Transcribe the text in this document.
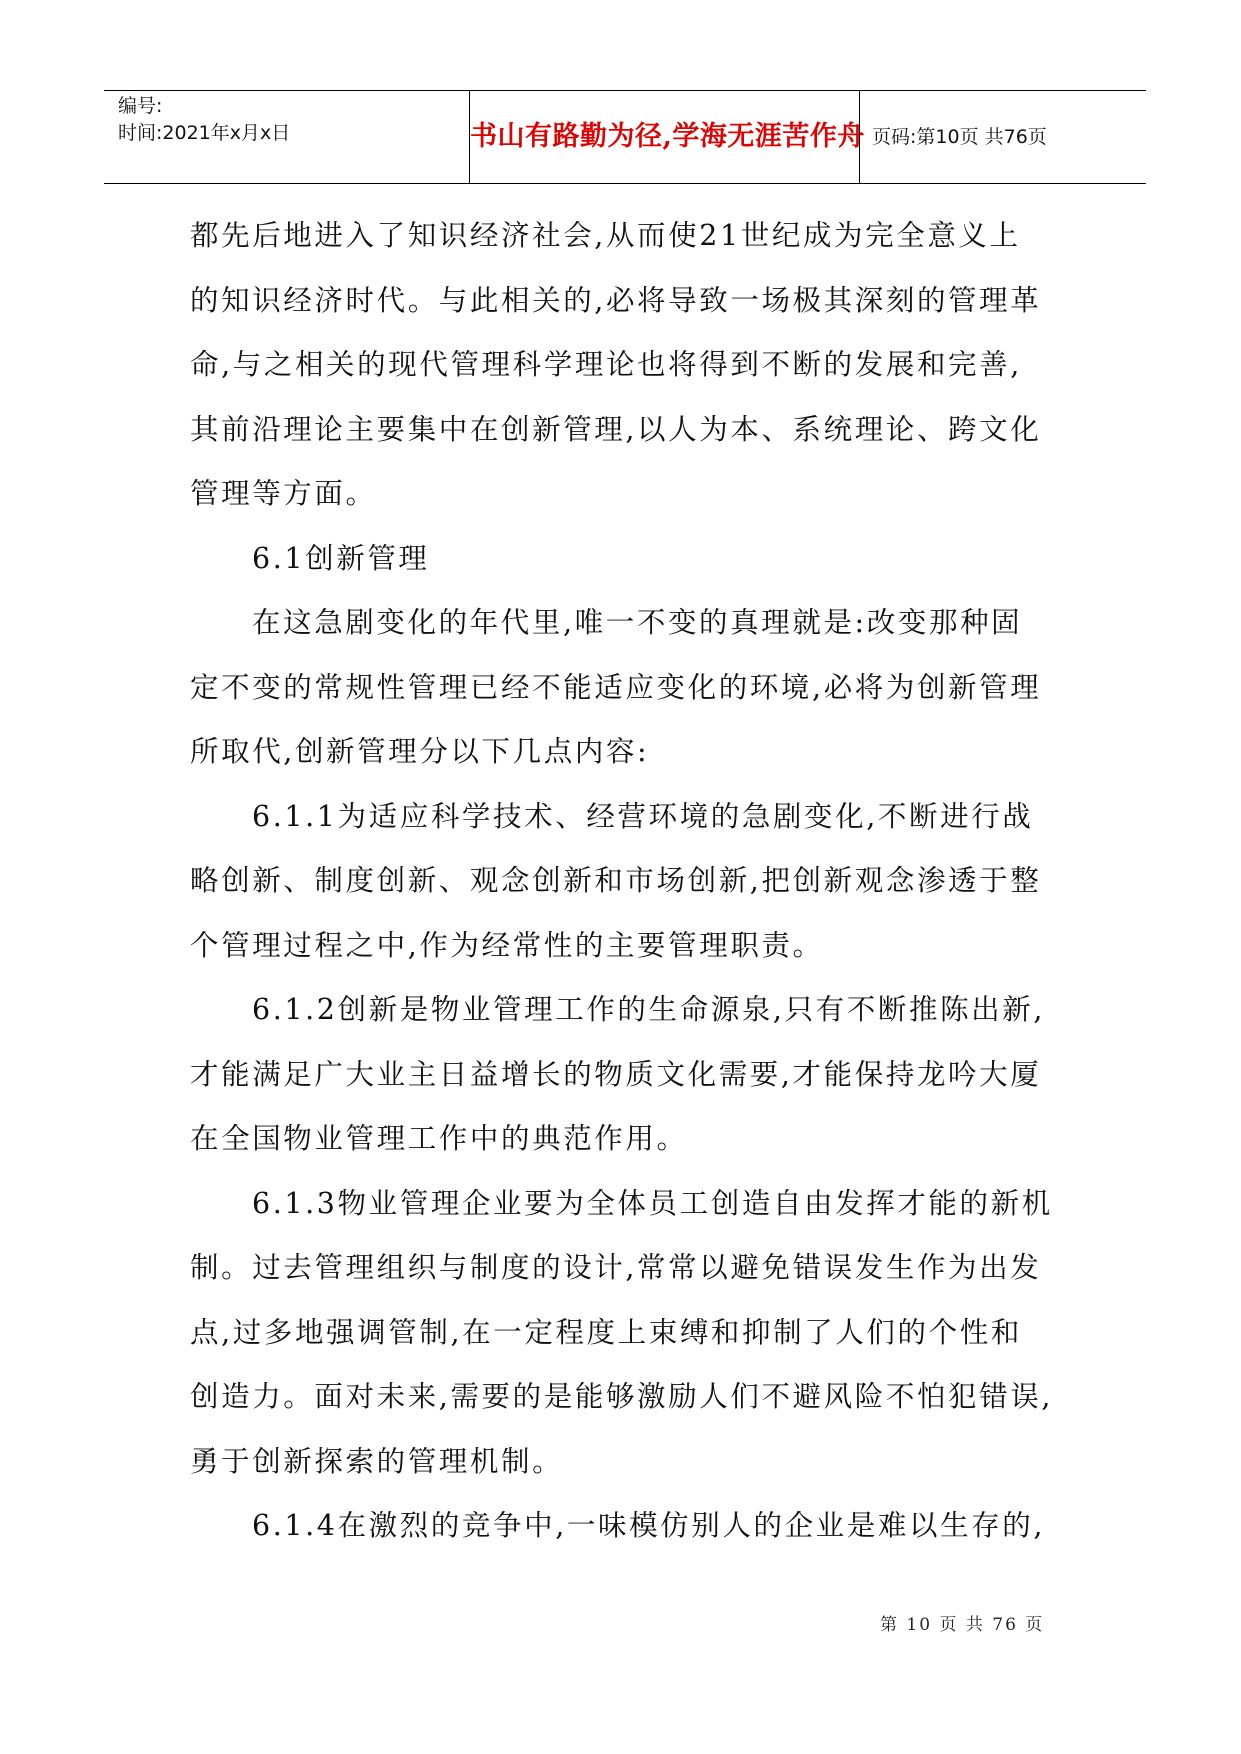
编号:
时间:2021年x月x日	书山有路勤为径,学海无涯苦作舟 页码:第10页 共76页
都先后地进入了知识经济社会,从而使21世纪成为完全意义上
的知识经济时代。与此相关的,必将导致一场极其深刻的管理革
命,与之相关的现代管理科学理论也将得到不断的发展和完善,
其前沿理论主要集中在创新管理,以人为本、系统理论、跨文化
管理等方面。
6.1创新管理
在这急剧变化的年代里,唯一不变的真理就是:改变那种固
定不变的常规性管理已经不能适应变化的环境,必将为创新管理
所取代,创新管理分以下几点内容:
6.1.1为适应科学技术、经营环境的急剧变化,不断进行战
略创新、制度创新、观念创新和市场创新,把创新观念渗透于整
个管理过程之中,作为经常性的主要管理职责。
6.1.2创新是物业管理工作的生命源泉,只有不断推陈出新,
才能满足广大业主日益增长的物质文化需要,才能保持龙吟大厦
在全国物业管理工作中的典范作用。
6.1.3物业管理企业要为全体员工创造自由发挥才能的新机
制。过去管理组织与制度的设计,常常以避免错误发生作为出发
点,过多地强调管制,在一定程度上束缚和抑制了人们的个性和
创造力。面对未来,需要的是能够激励人们不避风险不怕犯错误,
勇于创新探索的管理机制。
6.1.4在激烈的竞争中,一味模仿别人的企业是难以生存的,
第 10 页 共 76 页
